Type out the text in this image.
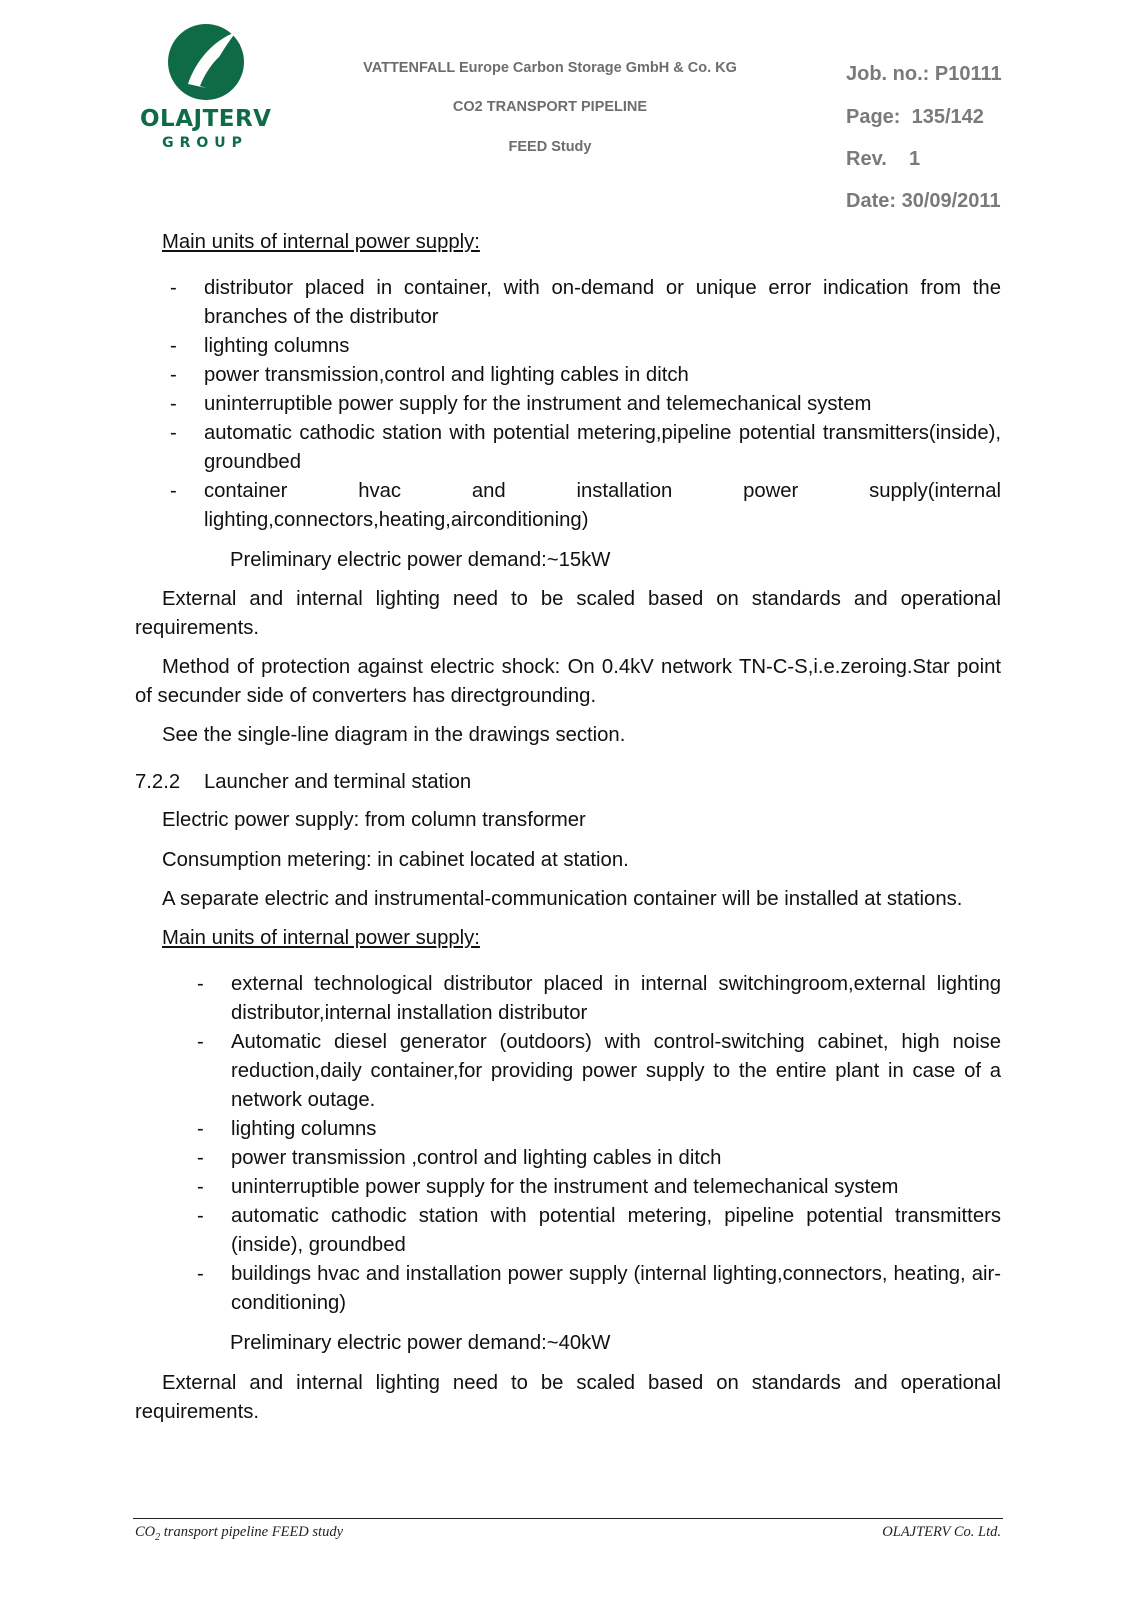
OLAJTERV
GROUP
VATTENFALL Europe Carbon Storage GmbH & Co. KG
CO2 TRANSPORT PIPELINE
FEED Study
Job. no.: P10111
Page: 135/142
Rev. 1
Date: 30/09/2011

Main units of internal power supply:

- distributor placed in container, with on-demand or unique error indication from the branches of the distributor
- lighting columns
- power transmission,control and lighting cables in ditch
- uninterruptible power supply for the instrument and telemechanical system
- automatic cathodic station with potential metering,pipeline potential transmitters(inside), groundbed
- container hvac and installation power supply(internal lighting,connectors,heating,airconditioning)

Preliminary electric power demand:~15kW

External and internal lighting need to be scaled based on standards and operational requirements.

Method of protection against electric shock: On 0.4kV network TN-C-S,i.e.zeroing.Star point of secunder side of converters has directgrounding.

See the single-line diagram in the drawings section.

7.2.2 Launcher and terminal station

Electric power supply: from column transformer

Consumption metering: in cabinet located at station.

A separate electric and instrumental-communication container will be installed at stations.

Main units of internal power supply:

- external technological distributor placed in internal switchingroom,external lighting distributor,internal installation distributor
- Automatic diesel generator (outdoors) with control-switching cabinet, high noise reduction,daily container,for providing power supply to the entire plant in case of a network outage.
- lighting columns
- power transmission ,control and lighting cables in ditch
- uninterruptible power supply for the instrument and telemechanical system
- automatic cathodic station with potential metering, pipeline potential transmitters (inside), groundbed
- buildings hvac and installation power supply (internal lighting,connectors, heating, air-conditioning)

Preliminary electric power demand:~40kW

External and internal lighting need to be scaled based on standards and operational requirements.

$CO_2$ transport pipeline FEED study	OLAJTERV Co. Ltd.
